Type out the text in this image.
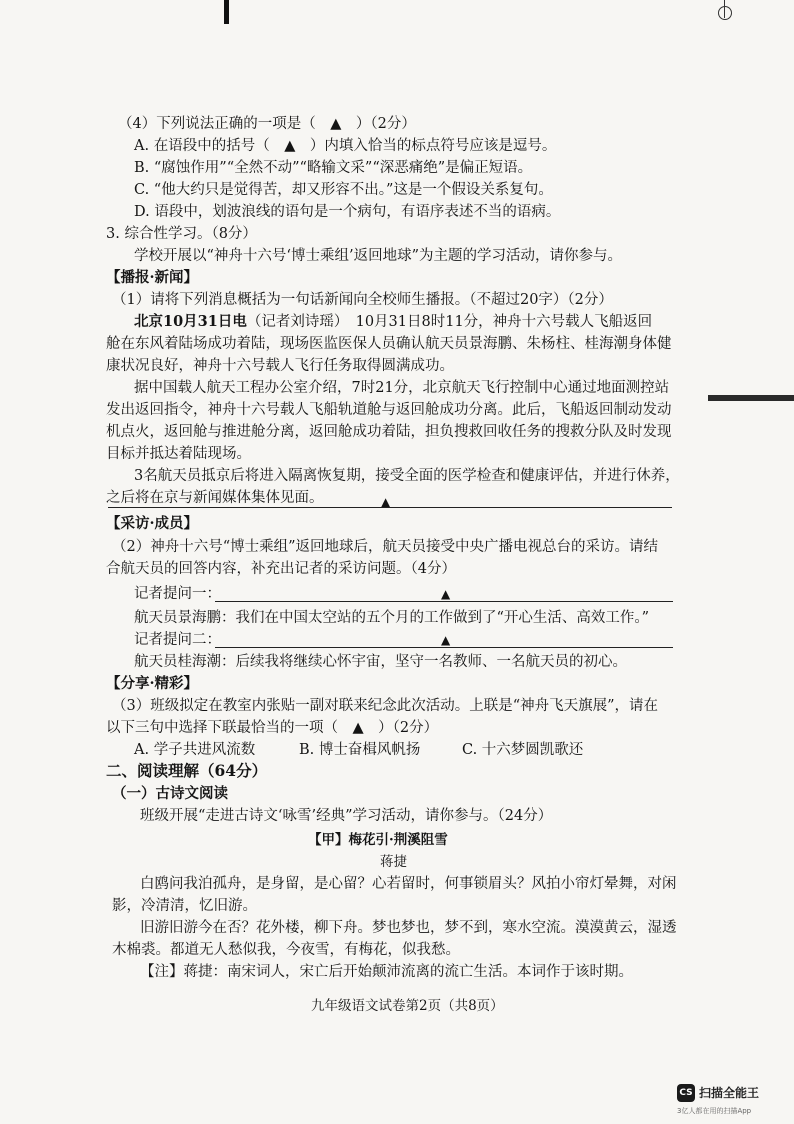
（4）下列说法正确的一项是（　▲　）（2分）
A. 在语段中的括号（　▲　）内填入恰当的标点符号应该是逗号。
B. “腐蚀作用”“全然不动”“略输文采”“深恶痛绝”是偏正短语。
C. “他大约只是觉得苦，却又形容不出。”这是一个假设关系复句。
D. 语段中，划波浪线的语句是一个病句，有语序表述不当的语病。
3. 综合性学习。（8分）
学校开展以“神舟十六号‘博士乘组’返回地球”为主题的学习活动，请你参与。
【播报·新闻】
（1）请将下列消息概括为一句话新闻向全校师生播报。（不超过20字）（2分）
北京10月31日电（记者刘诗瑶）　10月31日8时11分，神舟十六号载人飞船返回
舱在东风着陆场成功着陆，现场医监医保人员确认航天员景海鹏、朱杨柱、桂海潮身体健
康状况良好，神舟十六号载人飞行任务取得圆满成功。
据中国载人航天工程办公室介绍，7时21分，北京航天飞行控制中心通过地面测控站
发出返回指令，神舟十六号载人飞船轨道舱与返回舱成功分离。此后，飞船返回制动发动
机点火，返回舱与推进舱分离，返回舱成功着陆，担负搜救回收任务的搜救分队及时发现
目标并抵达着陆现场。
3名航天员抵京后将进入隔离恢复期，接受全面的医学检查和健康评估，并进行休养，
之后将在京与新闻媒体集体见面。	▲
【采访·成员】
（2）神舟十六号“博士乘组”返回地球后，航天员接受中央广播电视总台的采访。请结
合航天员的回答内容，补充出记者的采访问题。（4分）
记者提问一：	▲
航天员景海鹏：我们在中国太空站的五个月的工作做到了“开心生活、高效工作。”
记者提问二：	▲
航天员桂海潮：后续我将继续心怀宇宙，坚守一名教师、一名航天员的初心。
【分享·精彩】
（3）班级拟定在教室内张贴一副对联来纪念此次活动。上联是“神舟飞天旗展”，请在
以下三句中选择下联最恰当的一项（　▲　）（2分）
A. 学子共进风流数	B. 博士奋楫风帆扬	C. 十六梦圆凯歌还
二、阅读理解（64分）
（一）古诗文阅读
班级开展“走进古诗文‘咏雪’经典”学习活动，请你参与。（24分）
【甲】梅花引·荆溪阻雪
蒋捷
白鸥问我泊孤舟，是身留，是心留？心若留时，何事锁眉头？风拍小帘灯晕舞，对闲
影，冷清清，忆旧游。
旧游旧游今在否？花外楼，柳下舟。梦也梦也，梦不到，寒水空流。漠漠黄云，湿透
木棉裘。都道无人愁似我，今夜雪，有梅花，似我愁。
【注】蒋捷：南宋词人，宋亡后开始颠沛流离的流亡生活。本词作于该时期。
九年级语文试卷第2页（共8页）
CS 扫描全能王
3亿人都在用的扫描App
